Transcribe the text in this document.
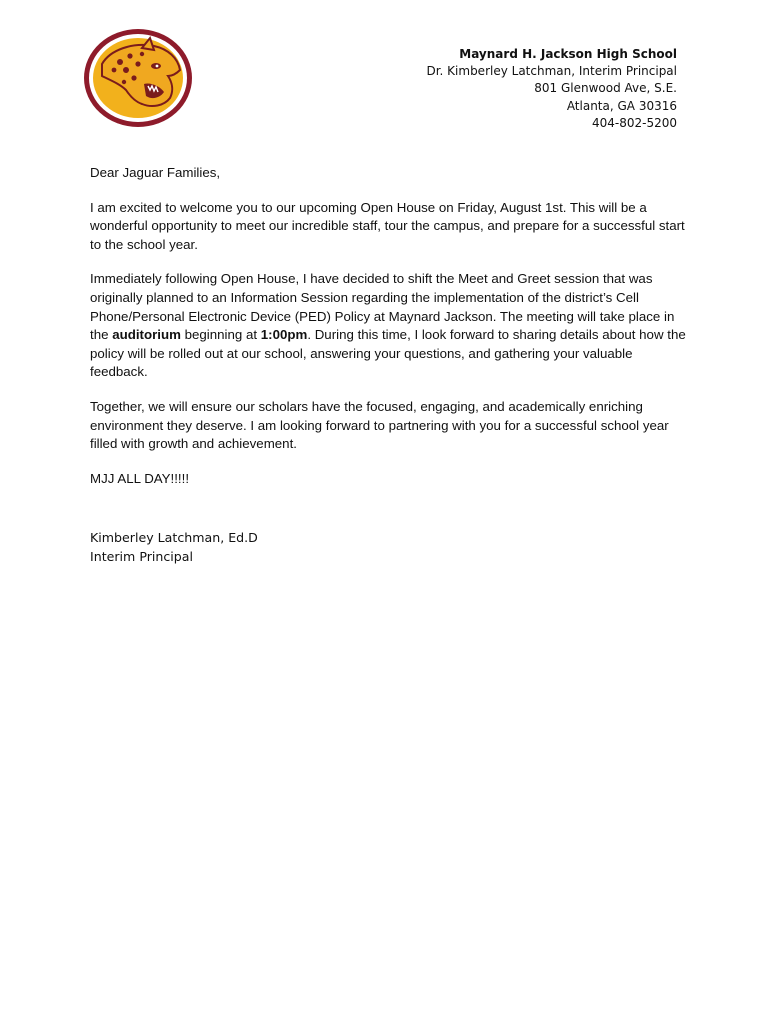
Maynard H. Jackson High School
Dr. Kimberley Latchman, Interim Principal
801 Glenwood Ave, S.E.
Atlanta, GA 30316
404-802-5200

Dear Jaguar Families,

I am excited to welcome you to our upcoming Open House on Friday, August 1st. This will be a wonderful opportunity to meet our incredible staff, tour the campus, and prepare for a successful start to the school year.

Immediately following Open House, I have decided to shift the Meet and Greet session that was originally planned to an Information Session regarding the implementation of the district’s Cell Phone/Personal Electronic Device (PED) Policy at Maynard Jackson. The meeting will take place in the auditorium beginning at 1:00pm. During this time, I look forward to sharing details about how the policy will be rolled out at our school, answering your questions, and gathering your valuable feedback.

Together, we will ensure our scholars have the focused, engaging, and academically enriching environment they deserve. I am looking forward to partnering with you for a successful school year filled with growth and achievement.

MJJ ALL DAY!!!!!

Kimberley Latchman, Ed.D
Interim Principal
